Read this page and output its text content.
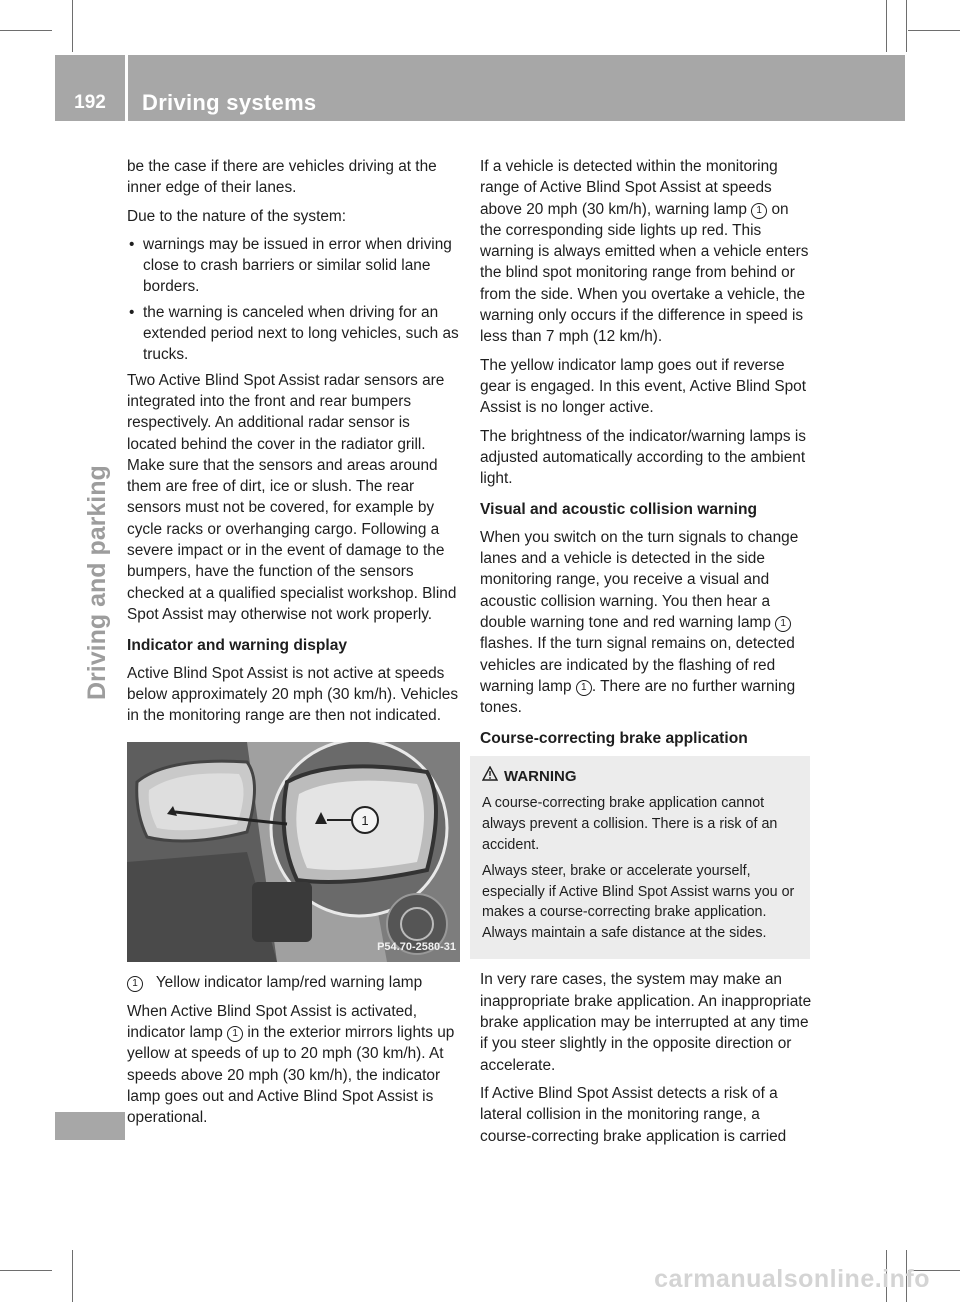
192	Driving systems
Driving and parking

be the case if there are vehicles driving at the inner edge of their lanes.

Due to the nature of the system:

• warnings may be issued in error when driving close to crash barriers or similar solid lane borders.
• the warning is canceled when driving for an extended period next to long vehicles, such as trucks.

Two Active Blind Spot Assist radar sensors are integrated into the front and rear bumpers respectively. An additional radar sensor is located behind the cover in the radiator grill. Make sure that the sensors and areas around them are free of dirt, ice or slush. The rear sensors must not be covered, for example by cycle racks or overhanging cargo. Following a severe impact or in the event of damage to the bumpers, have the function of the sensors checked at a qualified specialist workshop. Blind Spot Assist may otherwise not work properly.

Indicator and warning display

Active Blind Spot Assist is not active at speeds below approximately 20 mph (30 km/h). Vehicles in the monitoring range are then not indicated.

1
P54.70-2580-31

1 Yellow indicator lamp/red warning lamp

When Active Blind Spot Assist is activated, indicator lamp 1 in the exterior mirrors lights up yellow at speeds of up to 20 mph (30 km/h). At speeds above 20 mph (30 km/h), the indicator lamp goes out and Active Blind Spot Assist is operational.

If a vehicle is detected within the monitoring range of Active Blind Spot Assist at speeds above 20 mph (30 km/h), warning lamp 1 on the corresponding side lights up red. This warning is always emitted when a vehicle enters the blind spot monitoring range from behind or from the side. When you overtake a vehicle, the warning only occurs if the difference in speed is less than 7 mph (12 km/h).

The yellow indicator lamp goes out if reverse gear is engaged. In this event, Active Blind Spot Assist is no longer active.

The brightness of the indicator/warning lamps is adjusted automatically according to the ambient light.

Visual and acoustic collision warning

When you switch on the turn signals to change lanes and a vehicle is detected in the side monitoring range, you receive a visual and acoustic collision warning. You then hear a double warning tone and red warning lamp 1 flashes. If the turn signal remains on, detected vehicles are indicated by the flashing of red warning lamp 1 . There are no further warning tones.

Course-correcting brake application
WARNING

A course-correcting brake application cannot always prevent a collision. There is a risk of an accident.

Always steer, brake or accelerate yourself, especially if Active Blind Spot Assist warns you or makes a course-correcting brake application. Always maintain a safe distance at the sides.

In very rare cases, the system may make an inappropriate brake application. An inappropriate brake application may be interrupted at any time if you steer slightly in the opposite direction or accelerate.

If Active Blind Spot Assist detects a risk of a lateral collision in the monitoring range, a course-correcting brake application is carried

carmanualsonline.info
